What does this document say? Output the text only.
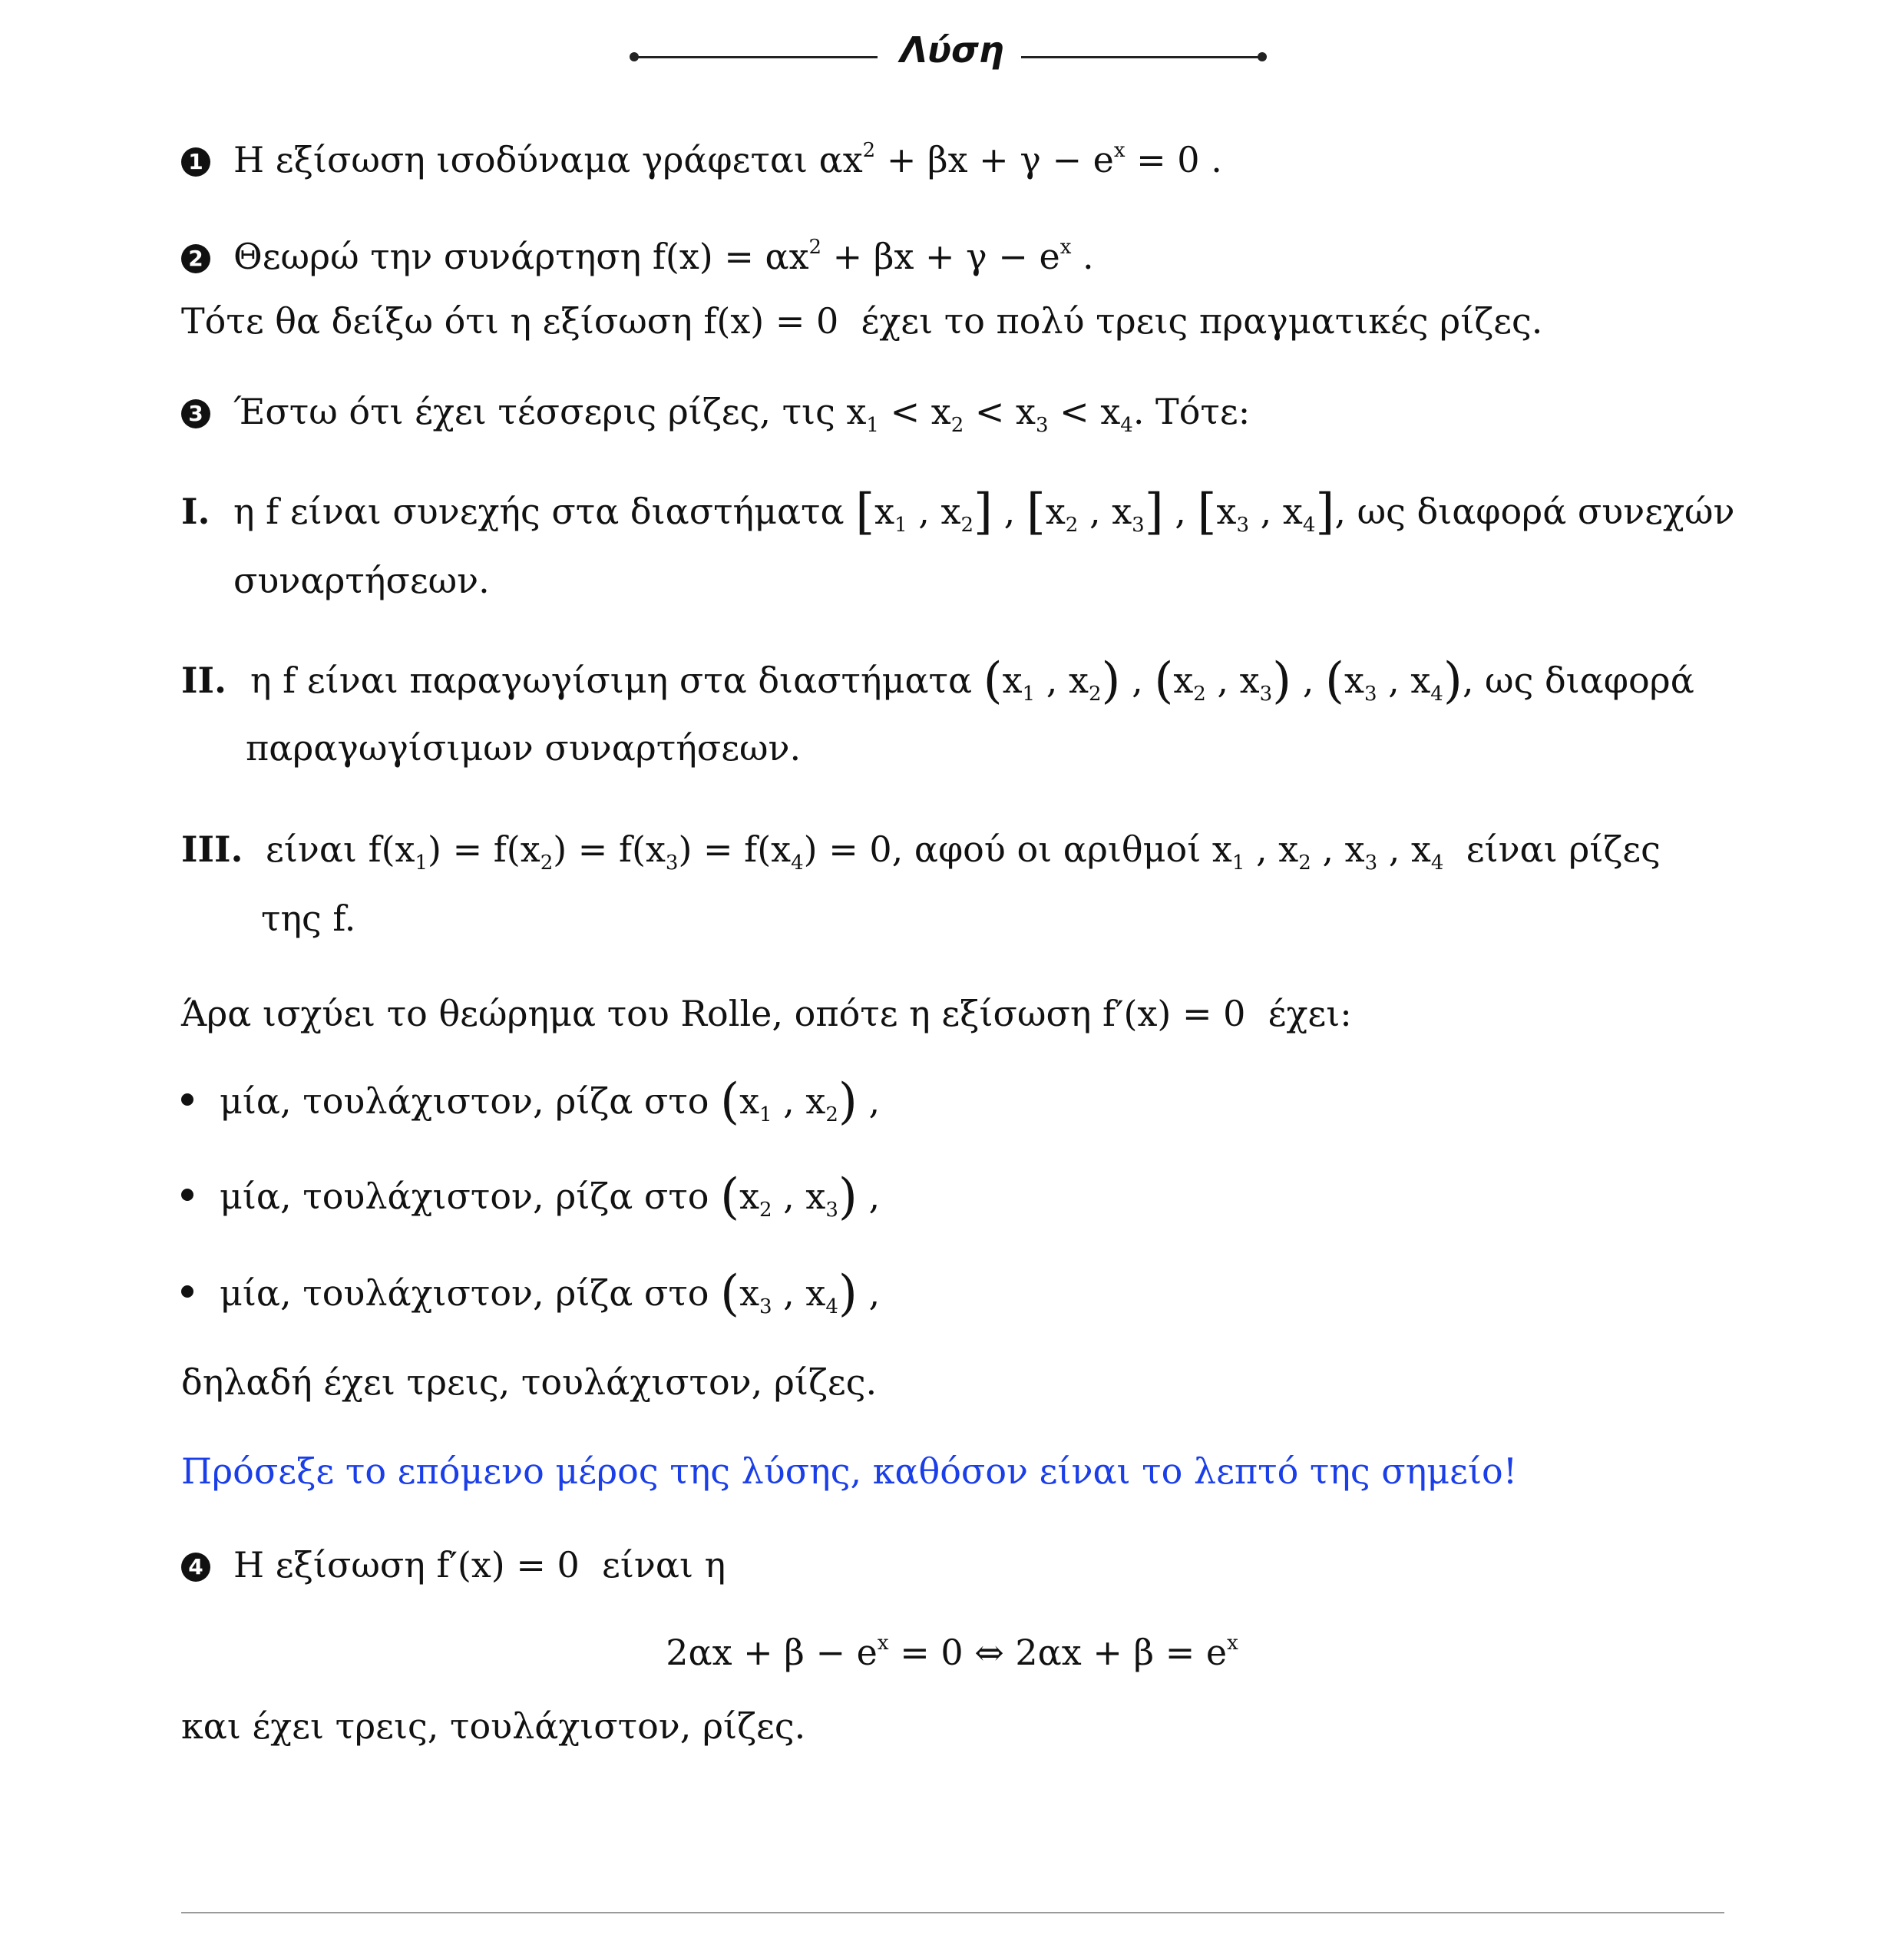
Λύση
1 Η εξίσωση ισοδύναμα γράφεται $\alpha x^2 + \beta x + \gamma - e^x = 0$ .
2 Θεωρώ την συνάρτηση $f(x) = \alpha x^2 + \beta x + \gamma - e^x$ .
Τότε θα δείξω ότι η εξίσωση f(x) = 0 έχει το πολύ τρεις πραγματικές ρίζες.
3 Έστω ότι έχει τέσσερις ρίζες, τις $x_1 < x_2 < x_3 < x_4$. Τότε:
I. η f είναι συνεχής στα διαστήματα [$x_1$ , $x_2$] , [$x_2$ , $x_3$] , [$x_3$ , $x_4$], ως διαφορά συνεχών
συναρτήσεων.
II. η f είναι παραγωγίσιμη στα διαστήματα ($x_1$ , $x_2$) , ($x_2$ , $x_3$) , ($x_3$ , $x_4$), ως διαφορά
παραγωγίσιμων συναρτήσεων.
III. είναι $f(x_1) = f(x_2) = f(x_3) = f(x_4) = 0$, αφού οι αριθμοί $x_1$ , $x_2$ , $x_3$ , $x_4$ είναι ρίζες
της f.
Άρα ισχύει το θεώρημα του Rolle, οπότε η εξίσωση f′(x) = 0 έχει:
μία, τουλάχιστον, ρίζα στο ($x_1$ , $x_2$) ,
μία, τουλάχιστον, ρίζα στο ($x_2$ , $x_3$) ,
μία, τουλάχιστον, ρίζα στο ($x_3$ , $x_4$) ,
δηλαδή έχει τρεις, τουλάχιστον, ρίζες.
Πρόσεξε το επόμενο μέρος της λύσης, καθόσον είναι το λεπτό της σημείο!
4 Η εξίσωση f′(x) = 0 είναι η
$2\alpha x + \beta - e^x = 0$ ⇔ $2\alpha x + \beta = e^x$
και έχει τρεις, τουλάχιστον, ρίζες.
